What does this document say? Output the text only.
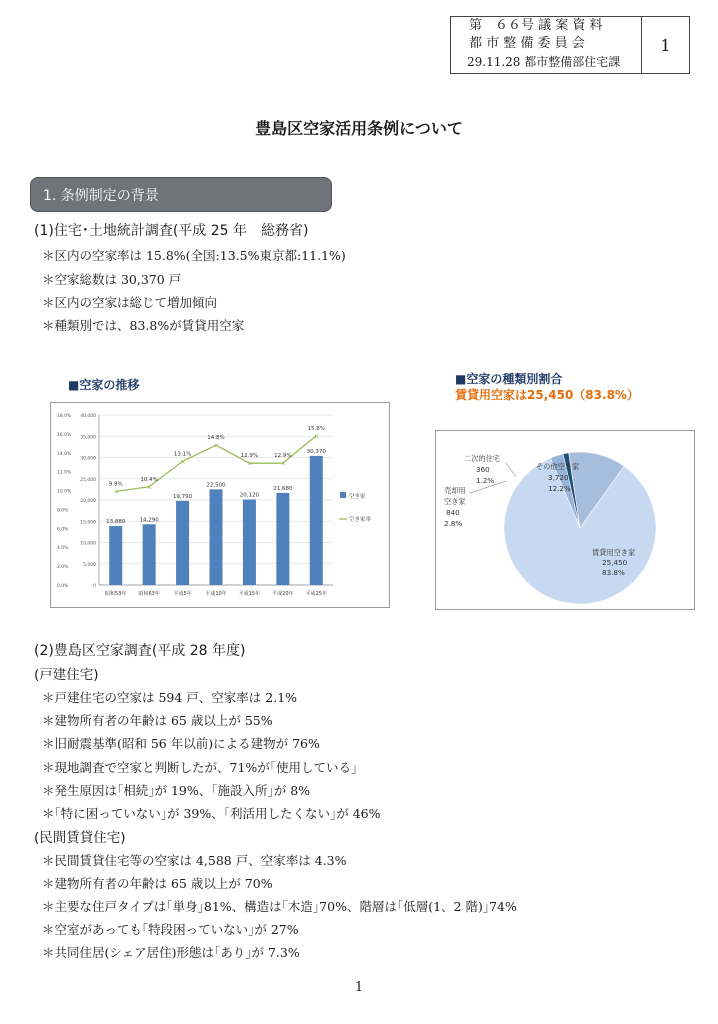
第　６６号 議 案 資 料
都 市 整 備 委 員 会
29.11.28 都市整備部住宅課
1
豊島区空家活用条例について
1. 条例制定の背景
(1)住宅･土地統計調査(平成 25 年　総務省)
＊区内の空家率は 15.8%(全国:13.5%東京都:11.1%)
＊空家総数は 30,370 戸
＊区内の空家は総じて増加傾向
＊種類別では、83.8%が賃貸用空家
■空家の推移
0
5,000
10,000
15,000
20,000
25,000
30,000
35,000
40,000
0.0%
2.0%
4.0%
6.0%
8.0%
10.0%
12.0%
14.0%
16.0%
18.0%
13,880
昭和53年
14,290
昭和63年
19,790
平成5年
22,500
平成10年
20,120
平成15年
21,680
平成20年
30,370
平成25年
×
9.9%	×
10.4%
×
13.1%
×
14.8%
×
12.9%
×
12.9%
×
15.8%
空き家
空き家率
■空家の種類別割合
賃貸用空家は25,450（83.8%）
賃貸用空き家
25,450
83.8%
その他空き家
3,720
12.2%
二次的住宅
360
1.2%
売却用
空き家
840
2.8%
(2)豊島区空家調査(平成 28 年度)
(戸建住宅)
＊戸建住宅の空家は 594 戸、空家率は 2.1%
＊建物所有者の年齢は 65 歳以上が 55%
＊旧耐震基準(昭和 56 年以前)による建物が 76%
＊現地調査で空家と判断したが、71%が｢使用している｣
＊発生原因は｢相続｣が 19%、｢施設入所｣が 8%
＊｢特に困っていない｣が 39%、｢利活用したくない｣が 46%
(民間賃貸住宅)
＊民間賃貸住宅等の空家は 4,588 戸、空家率は 4.3%
＊建物所有者の年齢は 65 歳以上が 70%
＊主要な住戸タイプは｢単身｣81%、構造は｢木造｣70%、階層は｢低層(1、2 階)｣74%
＊空室があっても｢特段困っていない｣が 27%
＊共同住居(シェア居住)形態は｢あり｣が 7.3%
1
